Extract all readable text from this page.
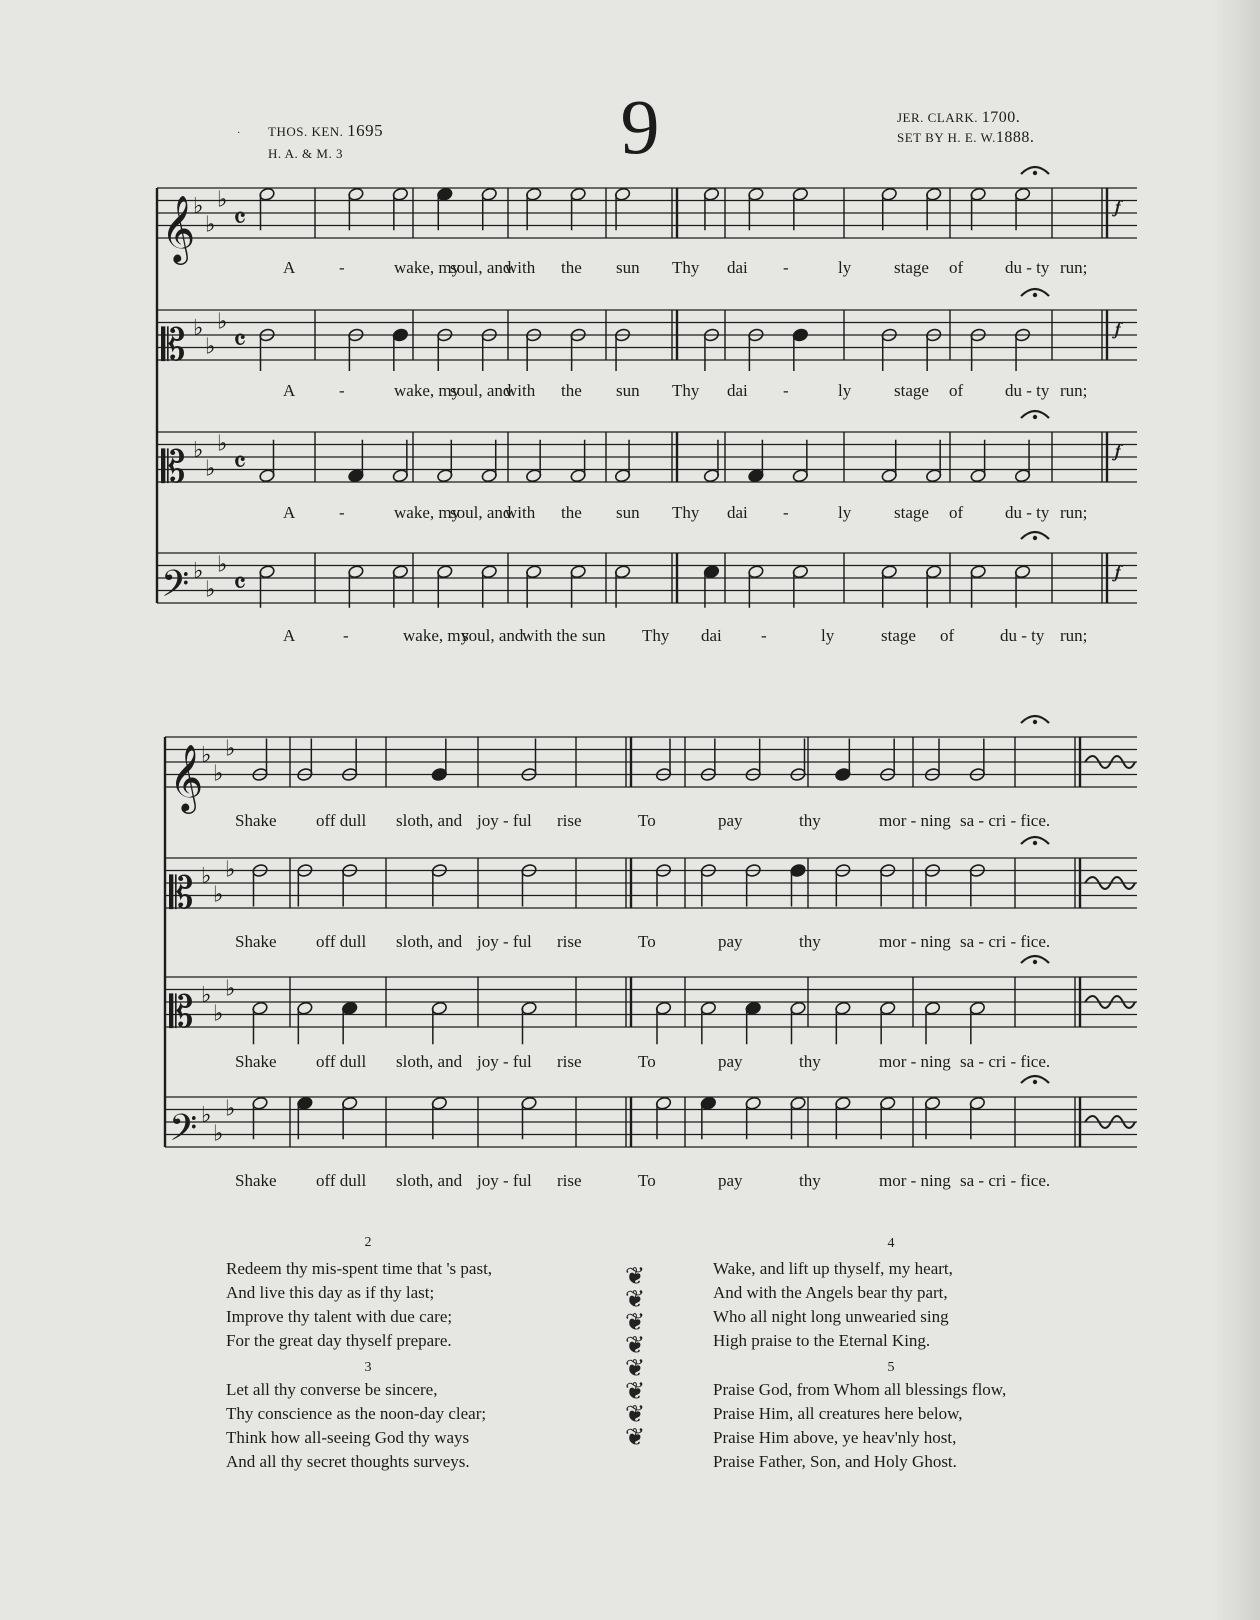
· THOS. KEN. 1695
H. A. & M. 3	9	JER. CLARK. 1700.
SET BY H. E. W.1888.
𝄞
♭
♭
♭
𝄴	𝆑
𝄡 ♭
♭
♭
𝄴	𝆑
𝄡 ♭
♭
♭
𝄴	𝆑
𝄢 ♭
♭
♭
𝄴	𝆑
𝄞
♭
♭
♭
𝄡 ♭
♭
♭
𝄡 ♭
♭
♭
𝄢 ♭
♭
♭
A	-	wake, my
soul, and
with the sun Thy dai -	ly	stage of du - ty run;
A	-	wake, my
soul, and
with the sun Thy dai -	ly	stage of du - ty run;
A	-	wake, my
soul, and
with the sun Thy dai -	ly	stage of du - ty run;
A	-	wake, my
soul, and
with the sun Thy dai -	ly	stage of	du - ty run;
Shake off dull sloth, and joy - ful rise	To	pay	thy	mor - ning sa - cri - fice.
Shake off dull sloth, and joy - ful rise	To	pay	thy	mor - ning sa - cri - fice.
Shake off dull sloth, and joy - ful rise	To	pay	thy	mor - ning sa - cri - fice.
Shake off dull sloth, and joy - ful rise	To	pay	thy	mor - ning sa - cri - fice.
2
Redeem thy mis-spent time that 's past,
And live this day as if thy last;
Improve thy talent with due care;
For the great day thyself prepare.
3
Let all thy converse be sincere,
Thy conscience as the noon-day clear;
Think how all-seeing God thy ways
And all thy secret thoughts surveys.
❦
❦
❦
❦
❦
❦
❦
❦
4
Wake, and lift up thyself, my heart,
And with the Angels bear thy part,
Who all night long unwearied sing
High praise to the Eternal King.
5
Praise God, from Whom all blessings flow,
Praise Him, all creatures here below,
Praise Him above, ye heav'nly host,
Praise Father, Son, and Holy Ghost.
